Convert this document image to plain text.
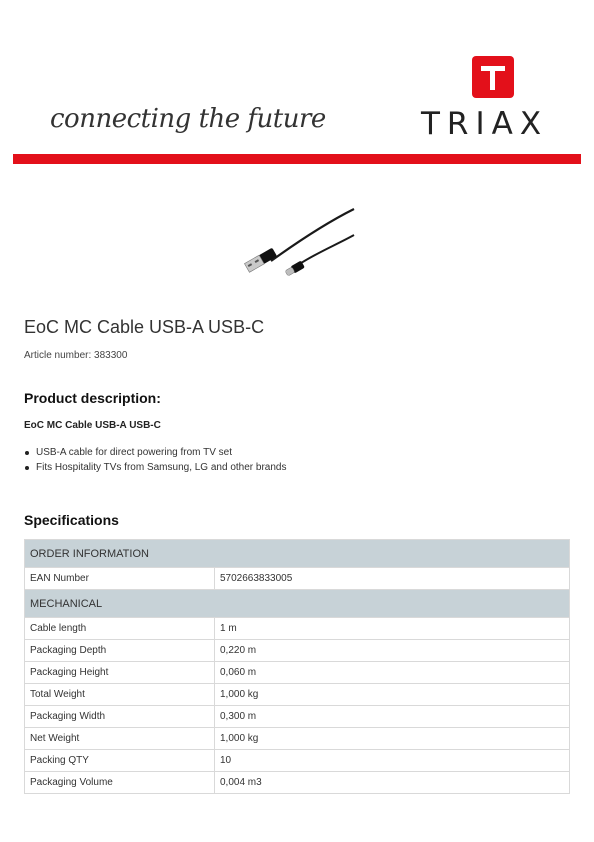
connecting the future	TRIAX
EoC MC Cable USB-A USB-C
Article number: 383300
Product description:
EoC MC Cable USB-A USB-C
USB-A cable for direct powering from TV set
Fits Hospitality TVs from Samsung, LG and other brands
Specifications
ORDER INFORMATION	
EAN Number	5702663833005
MECHANICAL	
Cable length	1 m
Packaging Depth	0,220 m
Packaging Height	0,060 m
Total Weight	1,000 kg
Packaging Width	0,300 m
Net Weight	1,000 kg
Packing QTY	10
Packaging Volume	0,004 m3
